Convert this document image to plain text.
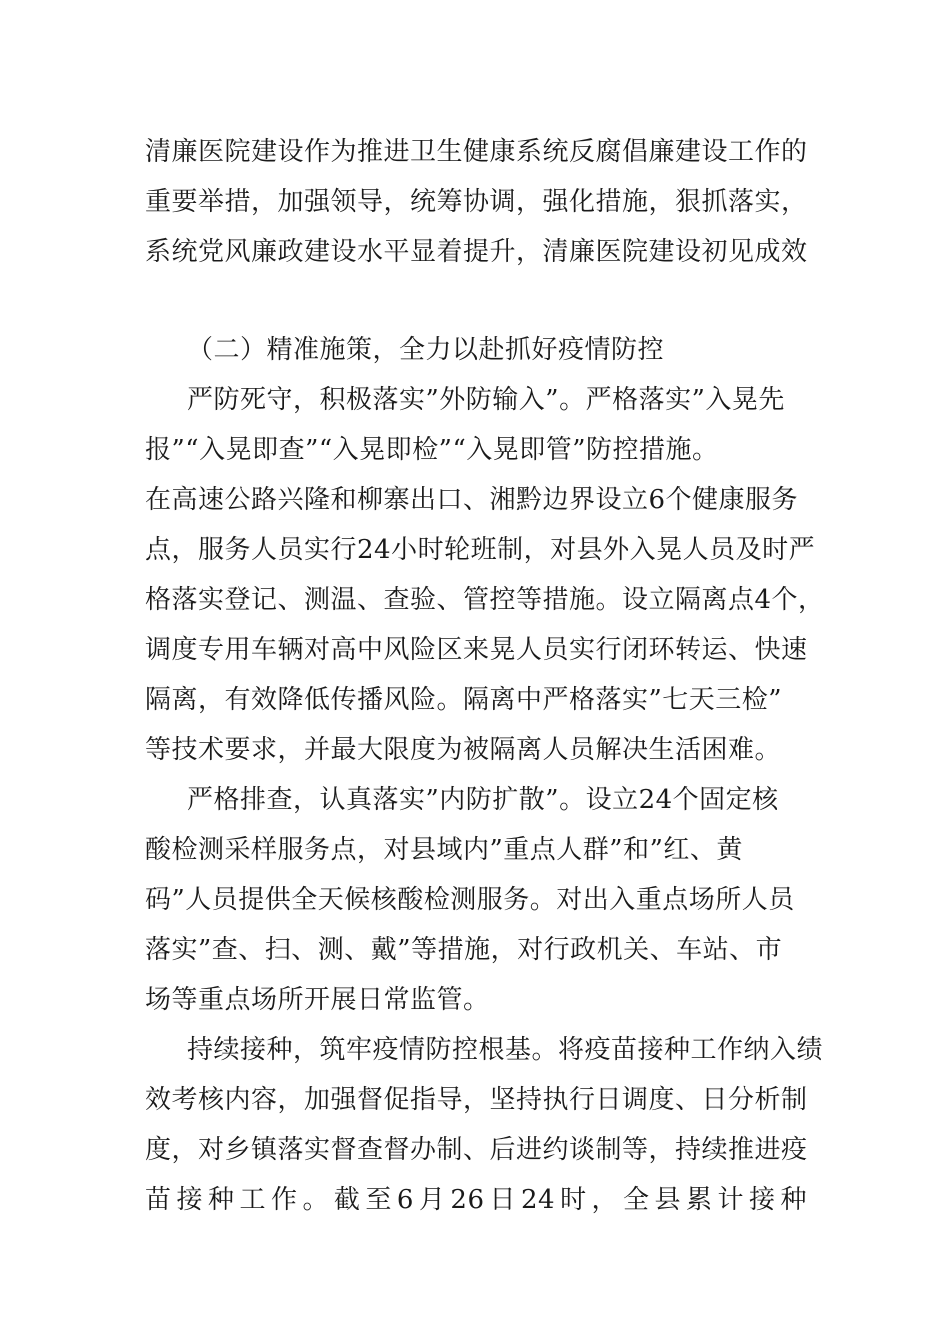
清廉医院建设作为推进卫生健康系统反腐倡廉建设工作的
重要举措，加强领导，统筹协调，强化措施，狠抓落实，
系统党风廉政建设水平显着提升，清廉医院建设初见成效
（二）精准施策，全力以赴抓好疫情防控
严防死守，积极落实”外防输入”。严格落实”入晃先
报”“入晃即查”“入晃即检”“入晃即管”防控措施。
在高速公路兴隆和柳寨出口、湘黔边界设立6个健康服务
点，服务人员实行24小时轮班制，对县外入晃人员及时严
格落实登记、测温、查验、管控等措施。设立隔离点4个，
调度专用车辆对高中风险区来晃人员实行闭环转运、快速
隔离，有效降低传播风险。隔离中严格落实”七天三检”
等技术要求，并最大限度为被隔离人员解决生活困难。
严格排查，认真落实”内防扩散”。设立24个固定核
酸检测采样服务点，对县域内”重点人群”和”红、黄
码”人员提供全天候核酸检测服务。对出入重点场所人员
落实”查、扫、测、戴”等措施，对行政机关、车站、市
场等重点场所开展日常监管。
持续接种，筑牢疫情防控根基。将疫苗接种工作纳入绩
效考核内容，加强督促指导，坚持执行日调度、日分析制
度，对乡镇落实督查督办制、后进约谈制等，持续推进疫
苗接种工作。截至6月26日24时，全县累计接种
